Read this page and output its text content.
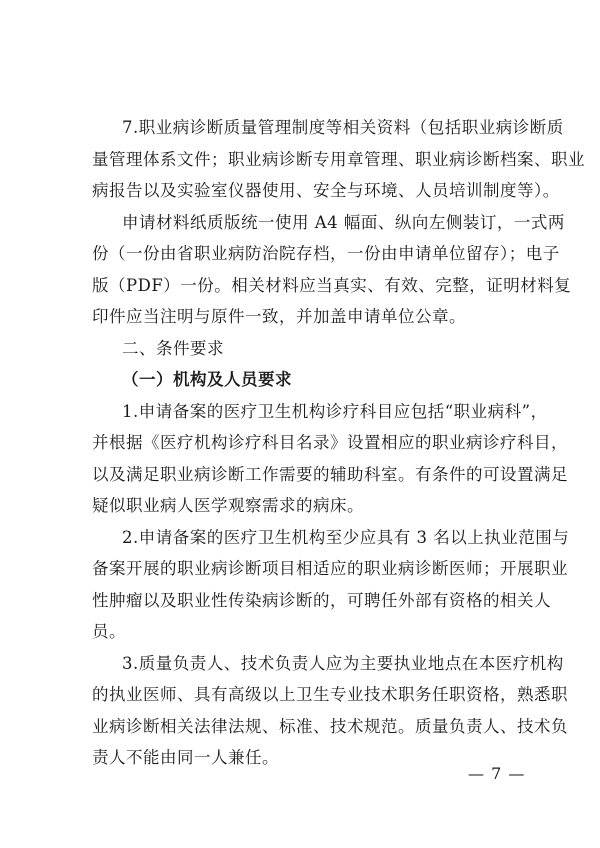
7.职业病诊断质量管理制度等相关资料（包括职业病诊断质
量管理体系文件；职业病诊断专用章管理、职业病诊断档案、职业
病报告以及实验室仪器使用、安全与环境、人员培训制度等）。
申请材料纸质版统一使用 A4 幅面、纵向左侧装订，一式两
份（一份由省职业病防治院存档，一份由申请单位留存）；电子
版（PDF）一份。相关材料应当真实、有效、完整，证明材料复
印件应当注明与原件一致，并加盖申请单位公章。
二、条件要求
（一）机构及人员要求
1.申请备案的医疗卫生机构诊疗科目应包括“职业病科”，
并根据《医疗机构诊疗科目名录》设置相应的职业病诊疗科目，
以及满足职业病诊断工作需要的辅助科室。有条件的可设置满足
疑似职业病人医学观察需求的病床。
2.申请备案的医疗卫生机构至少应具有 3 名以上执业范围与
备案开展的职业病诊断项目相适应的职业病诊断医师；开展职业
性肿瘤以及职业性传染病诊断的，可聘任外部有资格的相关人
员。
3.质量负责人、技术负责人应为主要执业地点在本医疗机构
的执业医师、具有高级以上卫生专业技术职务任职资格，熟悉职
业病诊断相关法律法规、标准、技术规范。质量负责人、技术负
责人不能由同一人兼任。
— 7 —
